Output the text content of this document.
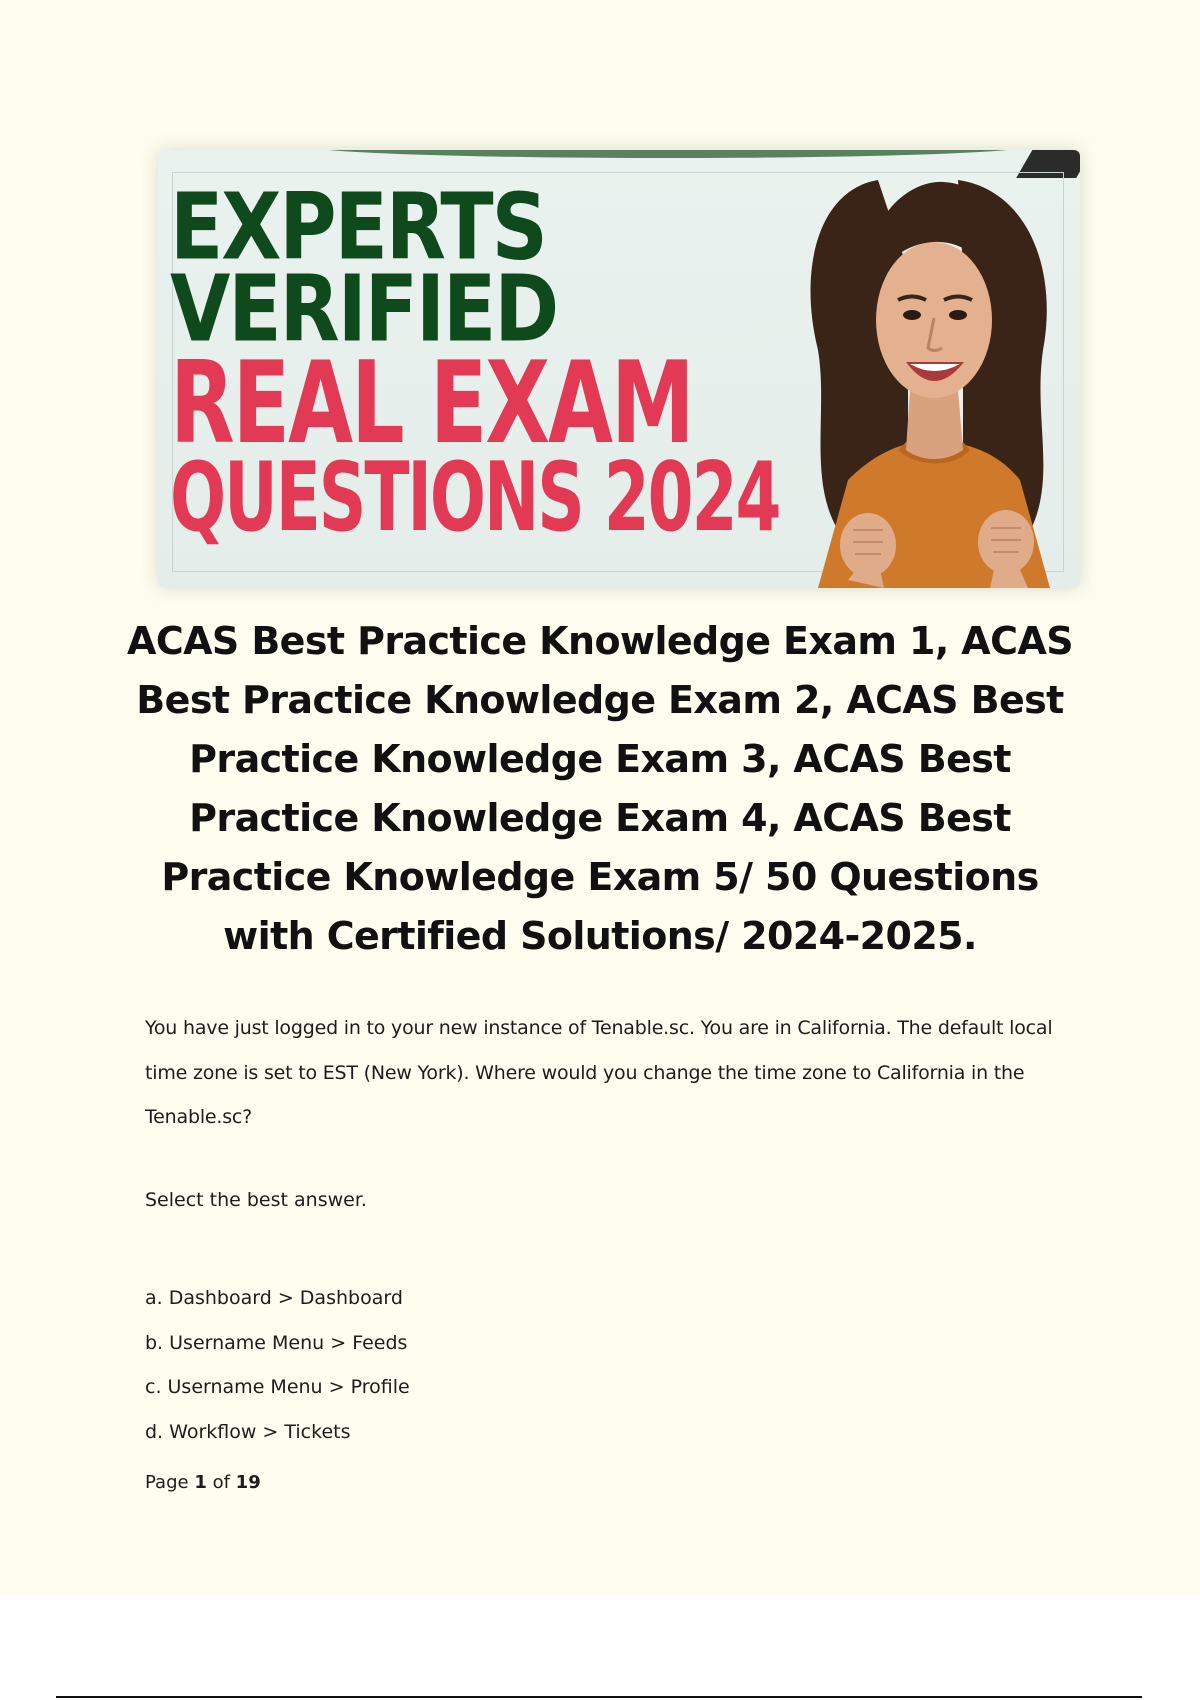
EXPERTS
VERIFIED
REAL EXAM
QUESTIONS 2024
ACAS Best Practice Knowledge Exam 1, ACAS Best Practice Knowledge Exam 2, ACAS Best Practice Knowledge Exam 3, ACAS Best Practice Knowledge Exam 4, ACAS Best Practice Knowledge Exam 5/ 50 Questions with Certified Solutions/ 2024-2025.
You have just logged in to your new instance of Tenable.sc. You are in California. The default local time zone is set to EST (New York). Where would you change the time zone to California in the Tenable.sc?
Select the best answer.
a. Dashboard > Dashboard
b. Username Menu > Feeds
c. Username Menu > Profile
d. Workflow > Tickets
Page 1 of 19
